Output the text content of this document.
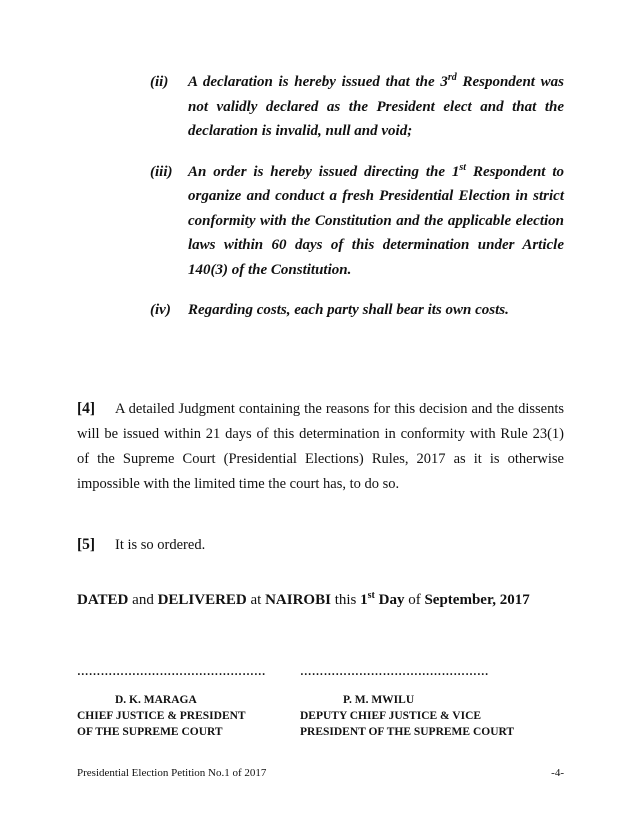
(ii)	A declaration is hereby issued that the 3rd Respondent was not validly declared as the President elect and that the declaration is invalid, null and void;
(iii)	An order is hereby issued directing the 1st Respondent to organize and conduct a fresh Presidential Election in strict conformity with the Constitution and the applicable election laws within 60 days of this determination under Article 140(3) of the Constitution.
(iv)	Regarding costs, each party shall bear its own costs.
[4] A detailed Judgment containing the reasons for this decision and the dissents will be issued within 21 days of this determination in conformity with Rule 23(1) of the Supreme Court (Presidential Elections) Rules, 2017 as it is otherwise impossible with the limited time the court has, to do so.
[5] It is so ordered.
DATED and DELIVERED at NAIROBI this 1st Day of September, 2017
…………………………………………
D. K. MARAGA
CHIEF JUSTICE & PRESIDENT
OF THE SUPREME COURT
…………………………………………
P. M. MWILU
DEPUTY CHIEF JUSTICE & VICE
PRESIDENT OF THE SUPREME COURT
Presidential Election Petition No.1 of 2017	-4-
